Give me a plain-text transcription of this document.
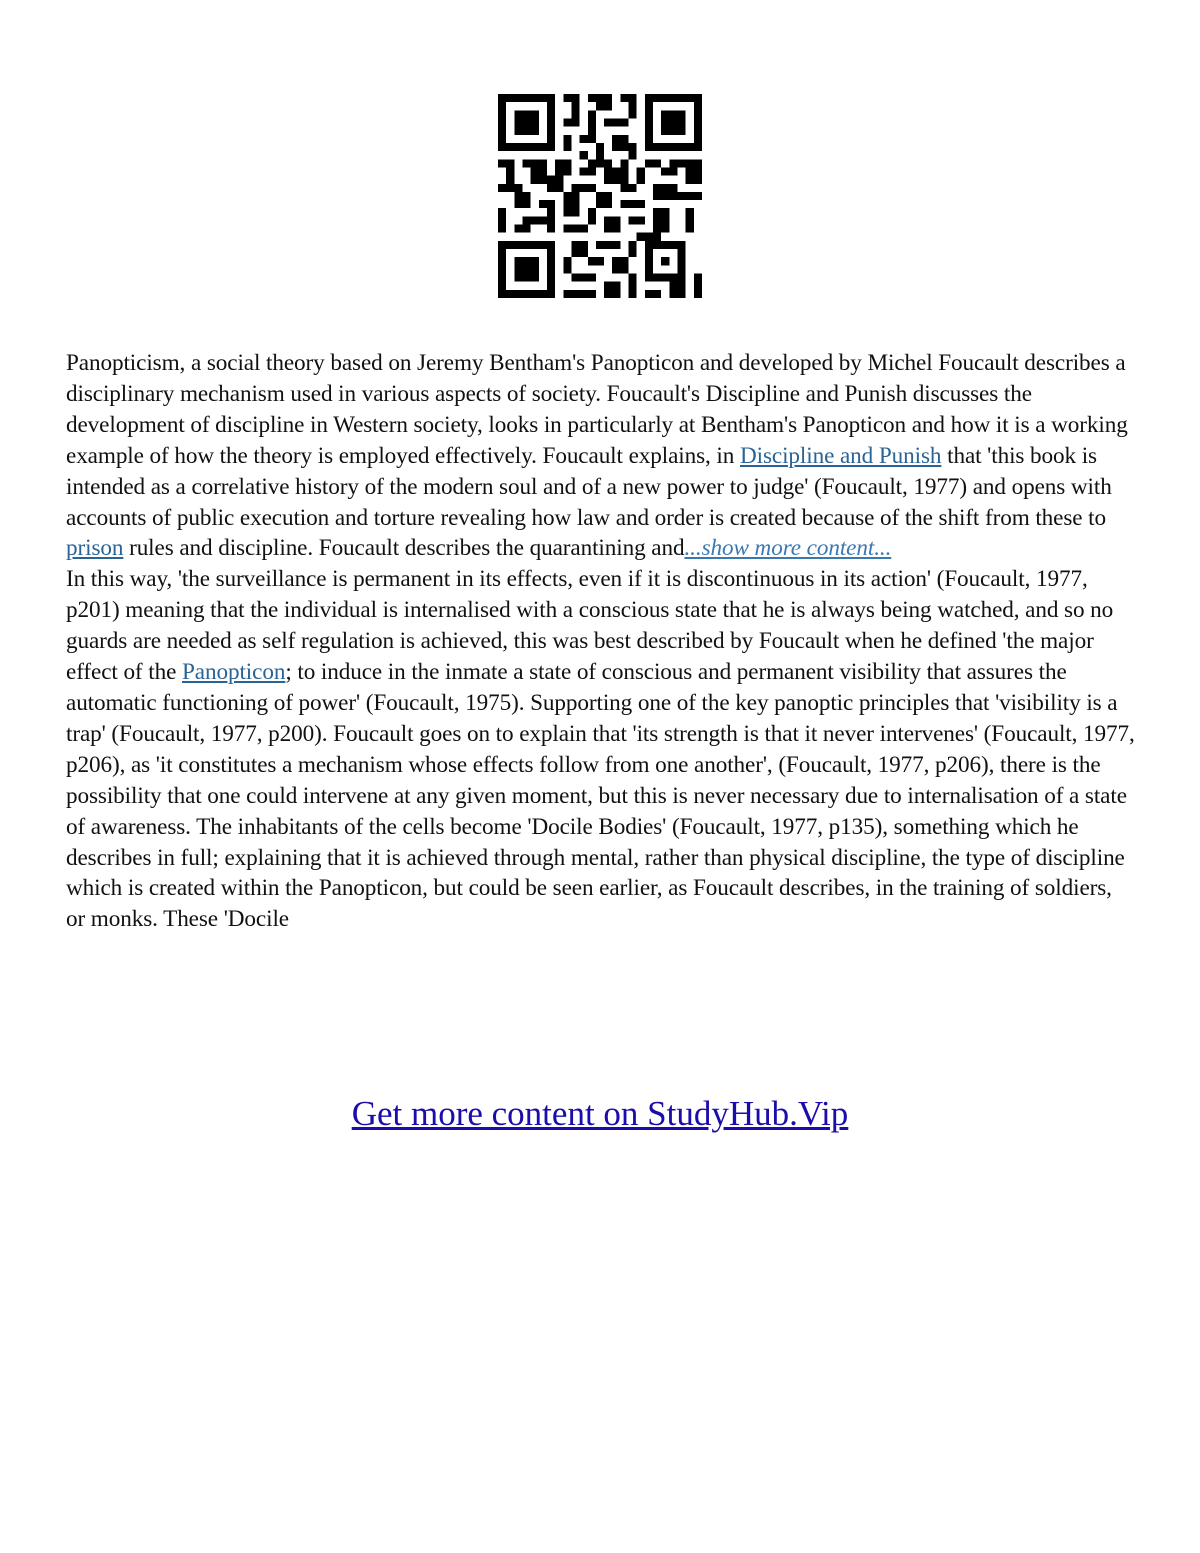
Panopticism, a social theory based on Jeremy Bentham's Panopticon and developed by Michel Foucault describes a disciplinary mechanism used in various aspects of society. Foucault's Discipline and Punish discusses the development of discipline in Western society, looks in particularly at Bentham's Panopticon and how it is a working example of how the theory is employed effectively. Foucault explains, in Discipline and Punish that 'this book is intended as a correlative history of the modern soul and of a new power to judge' (Foucault, 1977) and opens with accounts of public execution and torture revealing how law and order is created because of the shift from these to prison rules and discipline. Foucault describes the quarantining and...show more content...

In this way, 'the surveillance is permanent in its effects, even if it is discontinuous in its action' (Foucault, 1977, p201) meaning that the individual is internalised with a conscious state that he is always being watched, and so no guards are needed as self regulation is achieved, this was best described by Foucault when he defined 'the major effect of the Panopticon; to induce in the inmate a state of conscious and permanent visibility that assures the automatic functioning of power' (Foucault, 1975). Supporting one of the key panoptic principles that 'visibility is a trap' (Foucault, 1977, p200). Foucault goes on to explain that 'its strength is that it never intervenes' (Foucault, 1977, p206), as 'it constitutes a mechanism whose effects follow from one another', (Foucault, 1977, p206), there is the possibility that one could intervene at any given moment, but this is never necessary due to internalisation of a state of awareness. The inhabitants of the cells become 'Docile Bodies' (Foucault, 1977, p135), something which he describes in full; explaining that it is achieved through mental, rather than physical discipline, the type of discipline which is created within the Panopticon, but could be seen earlier, as Foucault describes, in the training of soldiers, or monks. These 'Docile

Get more content on StudyHub.Vip
